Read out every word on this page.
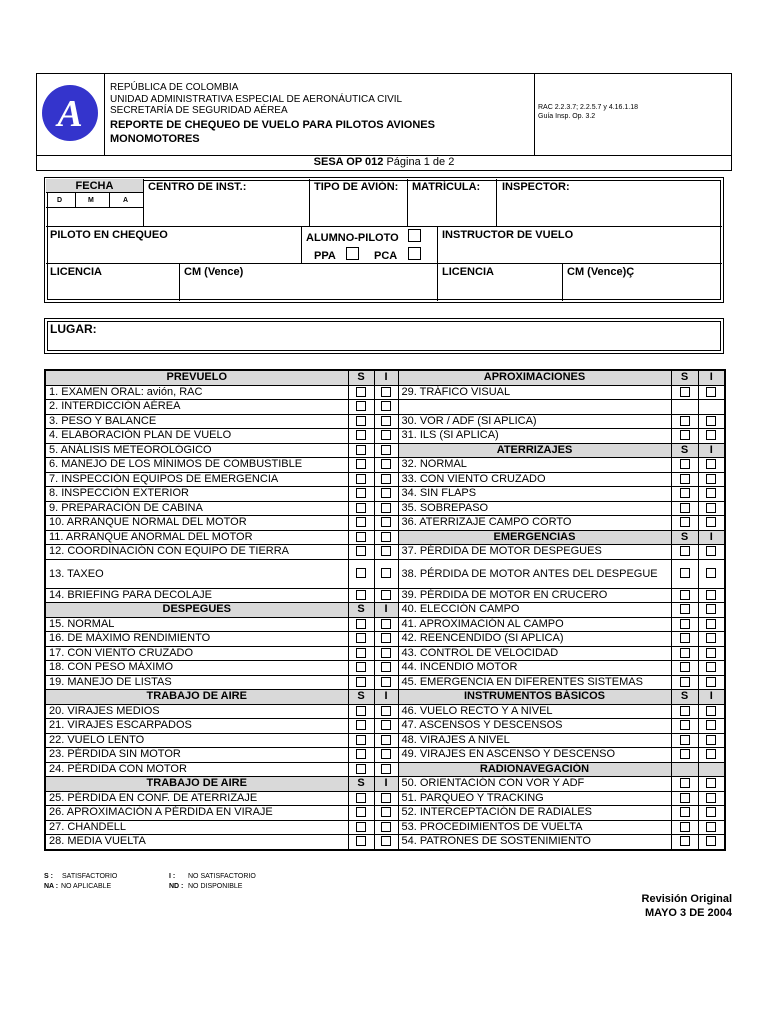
A
REPÚBLICA DE COLOMBIA
UNIDAD ADMINISTRATIVA ESPECIAL DE AERONÁUTICA CIVIL
SECRETARÍA DE SEGURIDAD AÉREA
REPORTE DE CHEQUEO DE VUELO PARA PILOTOS AVIONES
MONOMOTORES
RAC 2.2.3.7; 2.2.5.7 y 4.16.1.18
Guía Insp. Op. 3.2
SESA OP 012 Página 1 de 2
FECHA
D	M	A
CENTRO DE INST.:	TIPO DE AVIÓN: MATRÍCULA: INSPECTOR:
PILOTO EN CHEQUEO	ALUMNO-PILOTO
PPA	PCA
INSTRUCTOR DE VUELO
LICENCIA	CM (Vence)	LICENCIA	CM (Vence)Ç
LUGAR:
PREVUELO	S	I	APROXIMACIONES	S	I
1. EXAMEN ORAL: avión, RAC			29. TRÁFICO VISUAL		
2. INTERDICCIÓN AÉREA					
3. PESO Y BALANCE			30. VOR / ADF (SI APLICA)		
4. ELABORACIÓN PLAN DE VUELO			31. ILS (SI APLICA)		
5. ANÁLISIS METEOROLÓGICO			ATERRIZAJES	S	I
6. MANEJO DE LOS MÍNIMOS DE COMBUSTIBLE			32. NORMAL		
7. INSPECCIÓN EQUIPOS DE EMERGENCIA			33. CON VIENTO CRUZADO		
8. INSPECCIÓN EXTERIOR			34. SIN FLAPS		
9. PREPARACIÓN DE CABINA			35. SOBREPASO		
10. ARRANQUE NORMAL DEL MOTOR			36. ATERRIZAJE CAMPO CORTO		
11. ARRANQUE ANORMAL DEL MOTOR			EMERGENCIAS	S	I
12. COORDINACIÓN CON EQUIPO DE TIERRA			37. PÉRDIDA DE MOTOR DESPEGUES		
13. TAXEO			38. PÉRDIDA DE MOTOR ANTES DEL DESPEGUE		
14. BRIEFING PARA DECOLAJE			39. PÉRDIDA DE MOTOR EN CRUCERO		
DESPEGUES	S	I	40. ELECCIÓN CAMPO		
15. NORMAL			41. APROXIMACIÓN AL CAMPO		
16. DE MÁXIMO RENDIMIENTO			42. REENCENDIDO (SI APLICA)		
17. CON VIENTO CRUZADO			43. CONTROL DE VELOCIDAD		
18. CON PESO MÁXIMO			44. INCENDIO MOTOR		
19. MANEJO DE LISTAS			45. EMERGENCIA EN DIFERENTES SISTEMAS		
TRABAJO DE AIRE	S	I	INSTRUMENTOS BÁSICOS	S	I
20. VIRAJES MEDIOS			46. VUELO RECTO Y A NIVEL		
21. VIRAJES ESCARPADOS			47. ASCENSOS Y DESCENSOS		
22. VUELO LENTO			48. VIRAJES A NIVEL		
23. PÉRDIDA SIN MOTOR			49. VIRAJES EN ASCENSO Y DESCENSO		
24. PÉRDIDA CON MOTOR			RADIONAVEGACIÓN		
TRABAJO DE AIRE	S	I	50. ORIENTACIÓN CON VOR Y ADF		
25. PÉRDIDA EN CONF. DE ATERRIZAJE			51. PARQUEO Y TRACKING		
26. APROXIMACIÓN A PÉRDIDA EN VIRAJE			52. INTERCEPTACIÓN DE RADIALES		
27. CHANDELL			53. PROCEDIMIENTOS DE VUELTA		
28. MEDIA VUELTA			54. PATRONES DE SOSTENIMIENTO		
S : SATISFACTORIO	I : NO SATISFACTORIO
NA : NO APLICABLE	ND : NO DISPONIBLE
Revisión Original
MAYO 3 DE 2004
